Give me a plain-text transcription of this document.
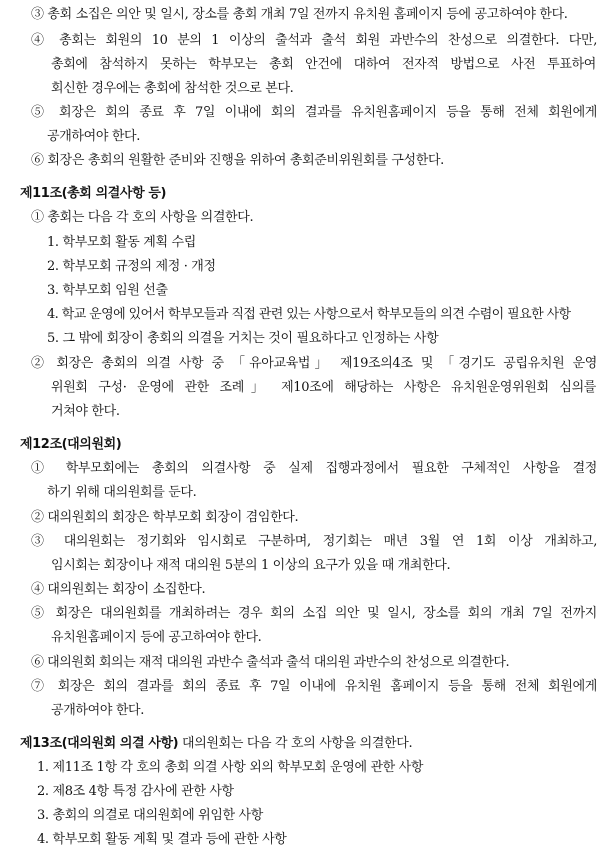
③ 총회 소집은 의안 및 일시, 장소를 총회 개최 7일 전까지 유치원 홈페이지 등에 공고하여야 한다.
④ 총회는 회원의 10 분의 1 이상의 출석과 출석 회원 과반수의 찬성으로 의결한다. 다만,
총회에 참석하지 못하는 학부모는 총회 안건에 대하여 전자적 방법으로 사전 투표하여
회신한 경우에는 총회에 참석한 것으로 본다.
⑤ 회장은 회의 종료 후 7일 이내에 회의 결과를 유치원홈페이지 등을 통해 전체 회원에게
공개하여야 한다.
⑥ 회장은 총회의 원활한 준비와 진행을 위하여 총회준비위원회를 구성한다.
제11조(총회 의결사항 등)
① 총회는 다음 각 호의 사항을 의결한다.
1. 학부모회 활동 계획 수립
2. 학부모회 규정의 제정 · 개정
3. 학부모회 임원 선출
4. 학교 운영에 있어서 학부모들과 직접 관련 있는 사항으로서 학부모들의 의견 수렴이 필요한 사항
5. 그 밖에 회장이 총회의 의결을 거치는 것이 필요하다고 인정하는 사항
② 회장은 총회의 의결 사항 중 「유아교육법」 제19조의4조 및 「경기도 공립유치원 운영
위원회 구성· 운영에 관한 조례」 제10조에 해당하는 사항은 유치원운영위원회 심의를
거쳐야 한다.
제12조(대의원회)
① 학부모회에는 총회의 의결사항 중 실제 집행과정에서 필요한 구체적인 사항을 결정
하기 위해 대의원회를 둔다.
② 대의원회의 회장은 학부모회 회장이 겸임한다.
③ 대의원회는 정기회와 임시회로 구분하며, 정기회는 매년 3월 연 1회 이상 개최하고,
임시회는 회장이나 재적 대의원 5분의 1 이상의 요구가 있을 때 개최한다.
④ 대의원회는 회장이 소집한다.
⑤ 회장은 대의원회를 개최하려는 경우 회의 소집 의안 및 일시, 장소를 회의 개최 7일 전까지
유치원홈페이지 등에 공고하여야 한다.
⑥ 대의원회 회의는 재적 대의원 과반수 출석과 출석 대의원 과반수의 찬성으로 의결한다.
⑦ 회장은 회의 결과를 회의 종료 후 7일 이내에 유치원 홈페이지 등을 통해 전체 회원에게
공개하여야 한다.
제13조(대의원회 의결 사항) 대의원회는 다음 각 호의 사항을 의결한다.
1. 제11조 1항 각 호의 총회 의결 사항 외의 학부모회 운영에 관한 사항
2. 제8조 4항 특정 감사에 관한 사항
3. 총회의 의결로 대의원회에 위임한 사항
4. 학부모회 활동 계획 및 결과 등에 관한 사항
